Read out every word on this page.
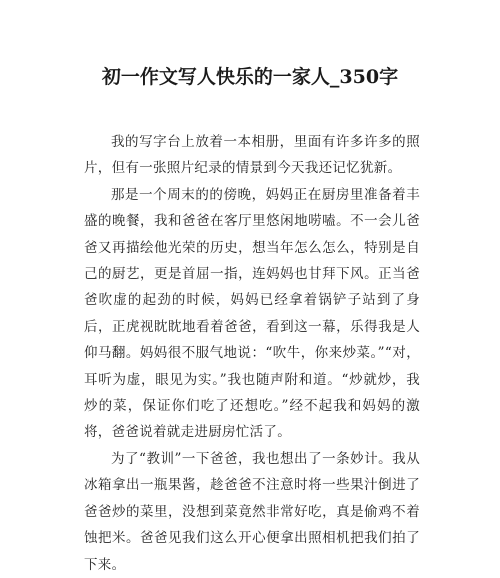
初一作文写人快乐的一家人_350字

我的写字台上放着一本相册，里面有许多许多的照片，但有一张照片纪录的情景到今天我还记忆犹新。

那是一个周末的的傍晚，妈妈正在厨房里准备着丰盛的晚餐，我和爸爸在客厅里悠闲地唠嗑。不一会儿爸爸又再描绘他光荣的历史，想当年怎么怎么，特别是自己的厨艺，更是首屈一指，连妈妈也甘拜下风。正当爸爸吹虚的起劲的时候，妈妈已经拿着锅铲子站到了身后，正虎视眈眈地看着爸爸，看到这一幕，乐得我是人仰马翻。妈妈很不服气地说：“吹牛，你来炒菜。”“对，耳听为虚，眼见为实。”我也随声附和道。“炒就炒，我炒的菜，保证你们吃了还想吃。”经不起我和妈妈的激将，爸爸说着就走进厨房忙活了。

为了“教训”一下爸爸，我也想出了一条妙计。我从冰箱拿出一瓶果酱，趁爸爸不注意时将一些果汁倒进了爸爸炒的菜里，没想到菜竟然非常好吃，真是偷鸡不着蚀把米。爸爸见我们这么开心便拿出照相机把我们拍了下来。
